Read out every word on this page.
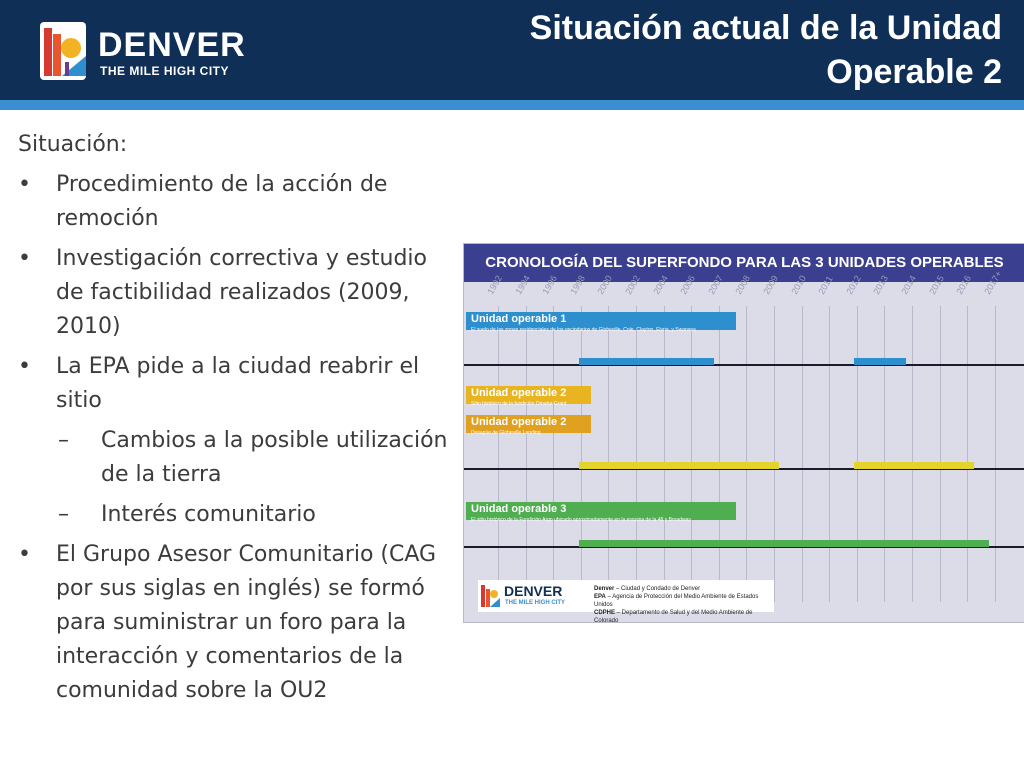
DENVER
THE MILE HIGH CITY
Situación actual de la Unidad
Operable 2
Situación:
• Procedimiento de la acción de remoción
• Investigación correctiva y estudio de factibilidad realizados (2009, 2010)
• La EPA pide a la ciudad reabrir el sitio
– Cambios a la posible utilización de la tierra
– Interés comunitario
• El Grupo Asesor Comunitario (CAG por sus siglas en inglés) se formó para suministrar un foro para la interacción y comentarios de la comunidad sobre la OU2
CRONOLOGÍA DEL SUPERFONDO PARA LAS 3 UNIDADES OPERABLES
1992 1994 1996 1998 2000 2002 2004 2006 2007 2008 2009 2010 2011 2012 2013 2014 2015 2016 2017+
Unidad operable 1
El suelo de las zonas residenciales de los vecindarios de Globeville, Cole, Clayton, Elyria, y Swansea
Unidad operable 2
Sitio histórico de la fundición Omaha-Grant
Unidad operable 2
Desagüe de Globeville Landing
Unidad operable 3
El sitio histórico de la Fundición Argo ubicado aproximadamente en la esquina de la 48 y Broadway
DENVER
THE MILE HIGH CITY
Denver – Ciudad y Condado de Denver
EPA – Agencia de Protección del Medio Ambiente de Estados Unidos
CDPHE – Departamento de Salud y del Medio Ambiente de Colorado
